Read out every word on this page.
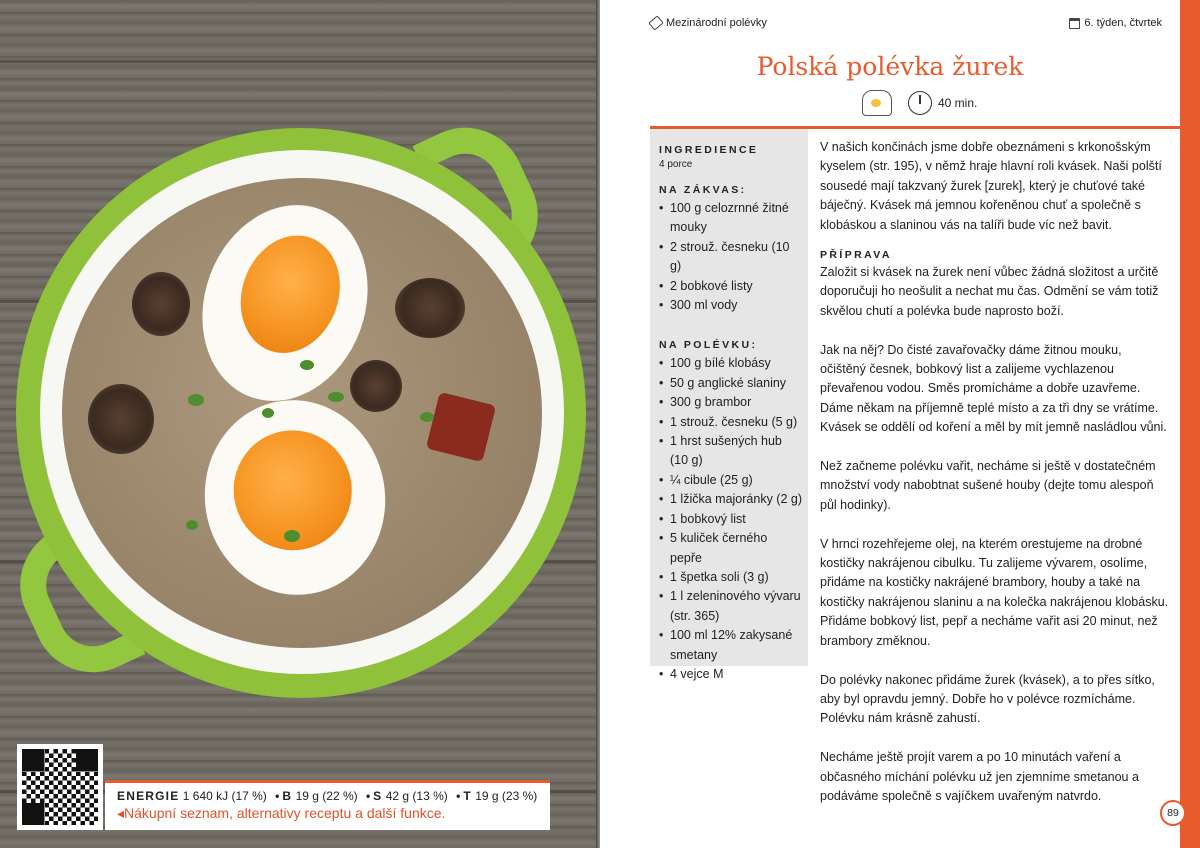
ENERGIE 1 640 kJ (17 %) • B 19 g (22 %) • S 42 g (13 %) • T 19 g (23 %)
◂Nákupní seznam, alternativy receptu a další funkce.
Mezinárodní polévky	6. týden, čtvrtek
Polská polévka žurek
40 min.
INGREDIENCE
4 porce
NA ZÁKVAS:
• 100 g celozrnné žitné mouky
• 2 strouž. česneku (10 g)
• 2 bobkové listy
• 300 ml vody
NA POLÉVKU:
• 100 g bílé klobásy
• 50 g anglické slaniny
• 300 g brambor
• 1 strouž. česneku (5 g)
• 1 hrst sušených hub (10 g)
• ¼ cibule (25 g)
• 1 lžička majoránky (2 g)
• 1 bobkový list
• 5 kuliček černého pepře
• 1 špetka soli (3 g)
• 1 l zeleninového vývaru (str. 365)
• 100 ml 12% zakysané smetany
• 4 vejce M

V našich končinách jsme dobře obeznámeni s krkonošským kyselem (str. 195), v němž hraje hlavní roli kvásek. Naši polští sousedé mají takzvaný žurek [zurek], který je chuťové také báječný. Kvásek má jemnou kořeněnou chuť a společně s klobáskou a slaninou vás na talíři bude víc než bavit.

PŘÍPRAVA

Založit si kvásek na žurek není vůbec žádná složitost a určitě doporučuji ho neošulit a nechat mu čas. Odmění se vám totiž skvělou chutí a polévka bude naprosto boží.

Jak na něj? Do čisté zavařovačky dáme žitnou mouku, očištěný česnek, bobkový list a zalijeme vychlazenou převařenou vodou. Směs promícháme a dobře uzavřeme. Dáme někam na příjemně teplé místo a za tři dny se vrátíme. Kvásek se oddělí od koření a měl by mít jemně nasládlou vůni.

Než začneme polévku vařit, necháme si ještě v dostatečném množství vody nabobtnat sušené houby (dejte tomu alespoň půl hodinky).

V hrnci rozehřejeme olej, na kterém orestujeme na drobné kostičky nakrájenou cibulku. Tu zalijeme vývarem, osolíme, přidáme na kostičky nakrájené brambory, houby a také na kostičky nakrájenou slaninu a na kolečka nakrájenou klobásku. Přidáme bobkový list, pepř a necháme vařit asi 20 minut, než brambory změknou.

Do polévky nakonec přidáme žurek (kvásek), a to přes sítko, aby byl opravdu jemný. Dobře ho v polévce rozmícháme. Polévku nám krásně zahustí.

Necháme ještě projít varem a po 10 minutách vaření a občasného míchání polévku už jen zjemníme smetanou a podáváme společně s vajíčkem uvařeným natvrdo.

89
